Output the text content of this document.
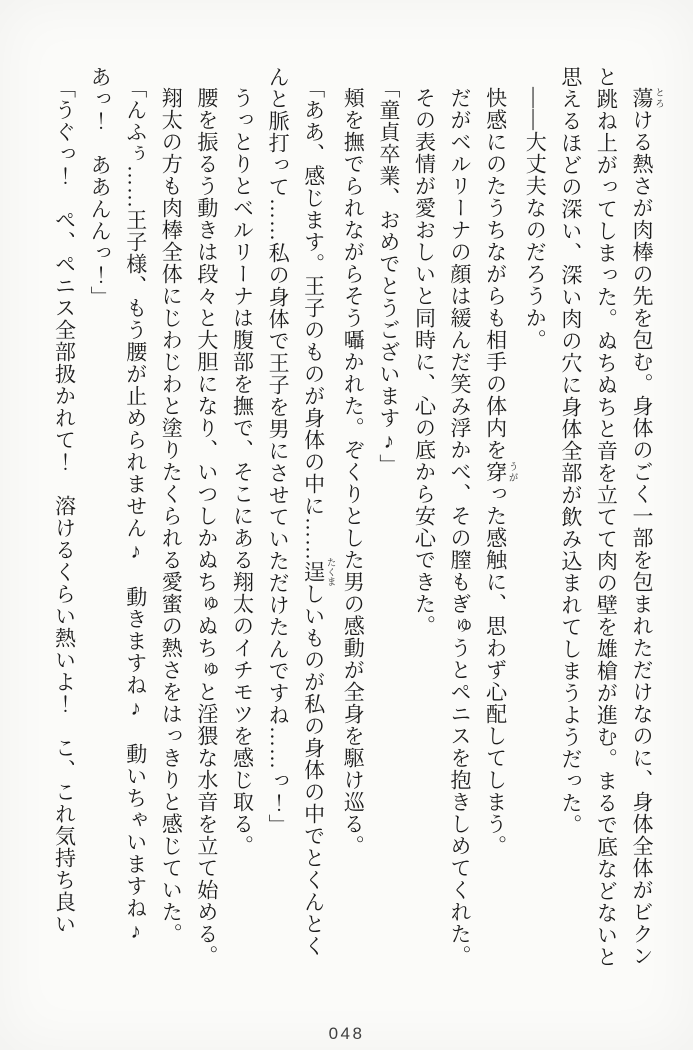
蕩 とろける熱さが肉棒の先を包む。身体のごく一部を包まれただけなのに、身体全体がビクンと跳ね上がってしまった。ぬちぬちと音を立てて肉の壁を雄槍が進む。まるで底などないと思えるほどの深い、深い肉の穴に身体全部が飲み込まれてしまうようだった。

――大丈夫なのだろうか。

快感にのたうちながらも相手の体内を穿 うがった感触に、思わず心配してしまう。

だがベルリーナの顔は緩んだ笑み浮かべ、その膣もぎゅうとペニスを抱きしめてくれた。

その表情が愛おしいと同時に、心の底から安心できた。

「童貞卒業、おめでとうございます♪」

頬を撫でられながらそう囁かれた。ぞくりとした男の感動が全身を駆け巡る。

「ああ、感じます。王子のものが身体の中に……逞 たくましいものが私の身体の中でとくんとくんと脈打って……私の身体で王子を男にさせていただけたんですね……っ！」

うっとりとベルリーナは腹部を撫で、そこにある翔太のイチモツを感じ取る。

腰を振るう動きは段々と大胆になり、いつしかぬちゅぬちゅと淫猥な水音を立て始める。

翔太の方も肉棒全体にじわじわと塗りたくられる愛蜜の熱さをはっきりと感じていた。

「んふぅ……王子様、もう腰が止められません♪　動きますね♪　動いちゃいますね♪　あっ！　ああんんっ！」

「うぐっ！　ぺ、ペニス全部扱かれて！　溶けるくらい熱いよ！　こ、これ気持ち良い

048
